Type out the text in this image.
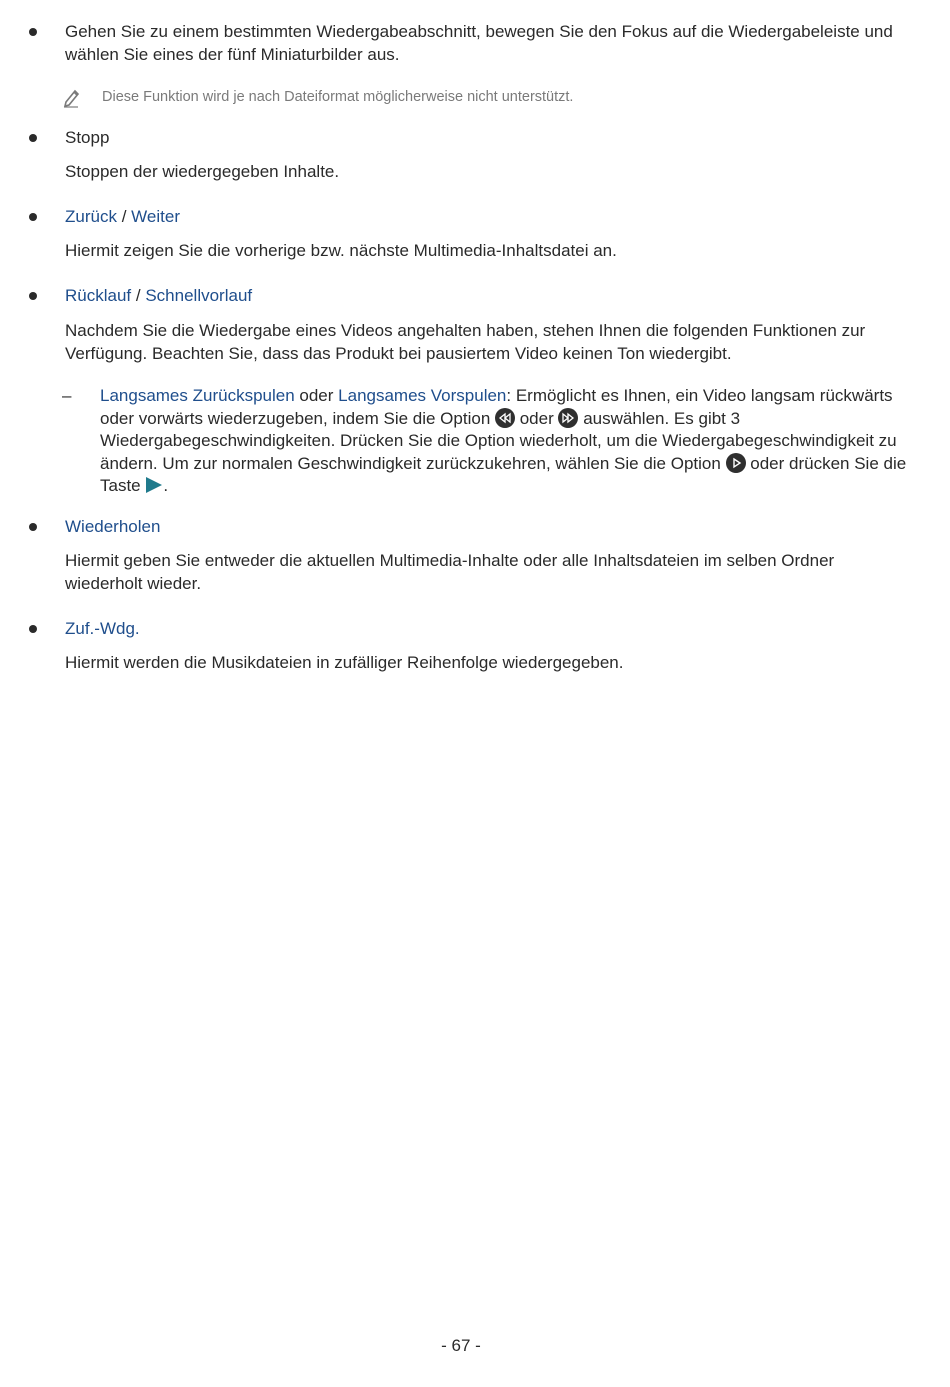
Gehen Sie zu einem bestimmten Wiedergabeabschnitt, bewegen Sie den Fokus auf die Wiedergabeleiste und wählen Sie eines der fünf Miniaturbilder aus.
Diese Funktion wird je nach Dateiformat möglicherweise nicht unterstützt.
Stopp
Stoppen der wiedergegeben Inhalte.
Zurück / Weiter
Hiermit zeigen Sie die vorherige bzw. nächste Multimedia-Inhaltsdatei an.
Rücklauf / Schnellvorlauf
Nachdem Sie die Wiedergabe eines Videos angehalten haben, stehen Ihnen die folgenden Funktionen zur Verfügung. Beachten Sie, dass das Produkt bei pausiertem Video keinen Ton wiedergibt.
– Langsames Zurückspulen oder Langsames Vorspulen: Ermöglicht es Ihnen, ein Video langsam rückwärts oder vorwärts wiederzugeben, indem Sie die Option
oder
auswählen. Es gibt 3 Wiedergabegeschwindigkeiten. Drücken Sie die Option wiederholt, um die Wiedergabegeschwindigkeit zu ändern. Um zur normalen Geschwindigkeit zurückzukehren, wählen Sie die Option
oder drücken Sie die Taste .
Wiederholen
Hiermit geben Sie entweder die aktuellen Multimedia-Inhalte oder alle Inhaltsdateien im selben Ordner wiederholt wieder.
Zuf.-Wdg.
Hiermit werden die Musikdateien in zufälliger Reihenfolge wiedergegeben.
- 67 -
